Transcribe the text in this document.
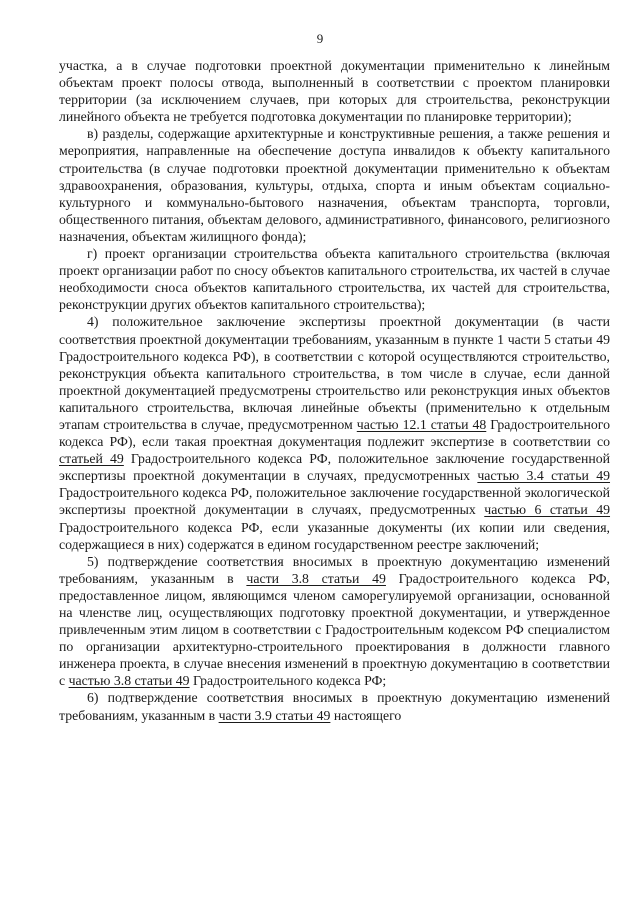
9

участка, а в случае подготовки проектной документации применительно к линейным объектам проект полосы отвода, выполненный в соответствии с проектом планировки территории (за исключением случаев, при которых для строительства, реконструкции линейного объекта не требуется подготовка документации по планировке территории);

в) разделы, содержащие архитектурные и конструктивные решения, а также решения и мероприятия, направленные на обеспечение доступа инвалидов к объекту капитального строительства (в случае подготовки проектной документации применительно к объектам здравоохранения, образования, культуры, отдыха, спорта и иным объектам социально-культурного и коммунально-бытового назначения, объектам транспорта, торговли, общественного питания, объектам делового, административного, финансового, религиозного назначения, объектам жилищного фонда);

г) проект организации строительства объекта капитального строительства (включая проект организации работ по сносу объектов капитального строительства, их частей в случае необходимости сноса объектов капитального строительства, их частей для строительства, реконструкции других объектов капитального строительства);

4) положительное заключение экспертизы проектной документации (в части соответствия проектной документации требованиям, указанным в пункте 1 части 5 статьи 49 Градостроительного кодекса РФ), в соответствии с которой осуществляются строительство, реконструкция объекта капитального строительства, в том числе в случае, если данной проектной документацией предусмотрены строительство или реконструкция иных объектов капитального строительства, включая линейные объекты (применительно к отдельным этапам строительства в случае, предусмотренном частью 12.1 статьи 48 Градостроительного кодекса РФ), если такая проектная документация подлежит экспертизе в соответствии со статьей 49 Градостроительного кодекса РФ, положительное заключение государственной экспертизы проектной документации в случаях, предусмотренных частью 3.4 статьи 49 Градостроительного кодекса РФ, положительное заключение государственной экологической экспертизы проектной документации в случаях, предусмотренных частью 6 статьи 49 Градостроительного кодекса РФ, если указанные документы (их копии или сведения, содержащиеся в них) содержатся в едином государственном реестре заключений;

5) подтверждение соответствия вносимых в проектную документацию изменений требованиям, указанным в части 3.8 статьи 49 Градостроительного кодекса РФ, предоставленное лицом, являющимся членом саморегулируемой организации, основанной на членстве лиц, осуществляющих подготовку проектной документации, и утвержденное привлеченным этим лицом в соответствии с Градостроительным кодексом РФ специалистом по организации архитектурно-строительного проектирования в должности главного инженера проекта, в случае внесения изменений в проектную документацию в соответствии с частью 3.8 статьи 49 Градостроительного кодекса РФ;

6) подтверждение соответствия вносимых в проектную документацию изменений требованиям, указанным в части 3.9 статьи 49 настоящего
